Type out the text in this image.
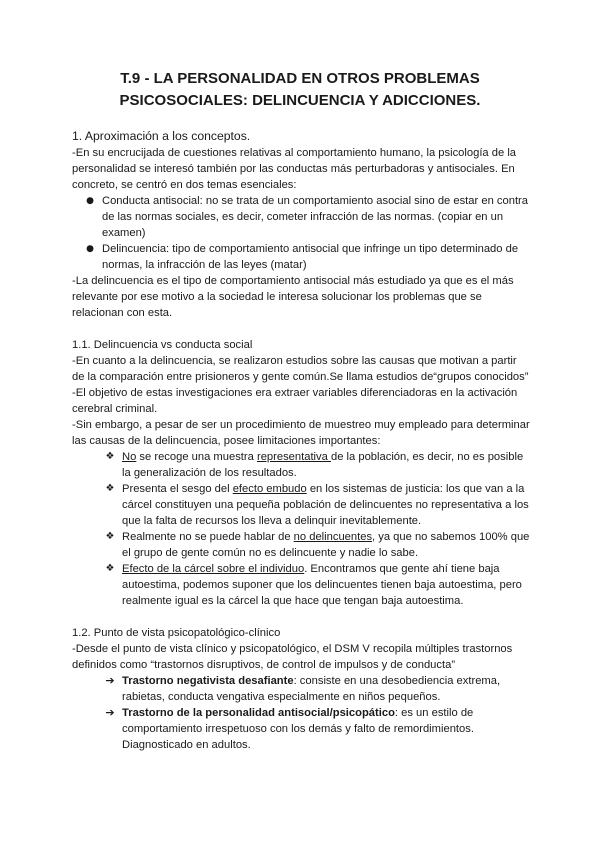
T.9 - LA PERSONALIDAD EN OTROS PROBLEMAS PSICOSOCIALES: DELINCUENCIA Y ADICCIONES.
1. Aproximación a los conceptos.

-En su encrucijada de cuestiones relativas al comportamiento humano, la psicología de la personalidad se interesó también por las conductas más perturbadoras y antisociales. En concreto, se centró en dos temas esenciales:

● Conducta antisocial: no se trata de un comportamiento asocial sino de estar en contra de las normas sociales, es decir, cometer infracción de las normas. (copiar en un examen)
● Delincuencia: tipo de comportamiento antisocial que infringe un tipo determinado de normas, la infracción de las leyes (matar)

-La delincuencia es el tipo de comportamiento antisocial más estudiado ya que es el más relevante por ese motivo a la sociedad le interesa solucionar los problemas que se relacionan con esta.

1.1. Delincuencia vs conducta social

-En cuanto a la delincuencia, se realizaron estudios sobre las causas que motivan a partir de la comparación entre prisioneros y gente común.Se llama estudios de“grupos conocidos”

-El objetivo de estas investigaciones era extraer variables diferenciadoras en la activación cerebral criminal.

-Sin embargo, a pesar de ser un procedimiento de muestreo muy empleado para determinar las causas de la delincuencia, posee limitaciones importantes:

❖ No se recoge una muestra representativa de la población, es decir, no es posible la generalización de los resultados.
❖ Presenta el sesgo del efecto embudo en los sistemas de justicia: los que van a la cárcel constituyen una pequeña población de delincuentes no representativa a los que la falta de recursos los lleva a delinquir inevitablemente.
❖ Realmente no se puede hablar de no delincuentes, ya que no sabemos 100% que el grupo de gente común no es delincuente y nadie lo sabe.
❖ Efecto de la cárcel sobre el individuo. Encontramos que gente ahí tiene baja autoestima, podemos suponer que los delincuentes tienen baja autoestima, pero realmente igual es la cárcel la que hace que tengan baja autoestima.
1.2. Punto de vista psicopatológico-clínico

-Desde el punto de vista clínico y psicopatológico, el DSM V recopila múltiples trastornos definidos como “trastornos disruptivos, de control de impulsos y de conducta”

➔ Trastorno negativista desafiante: consiste en una desobediencia extrema, rabietas, conducta vengativa especialmente en niños pequeños.
➔ Trastorno de la personalidad antisocial/psicopático: es un estilo de comportamiento irrespetuoso con los demás y falto de remordimientos. Diagnosticado en adultos.
